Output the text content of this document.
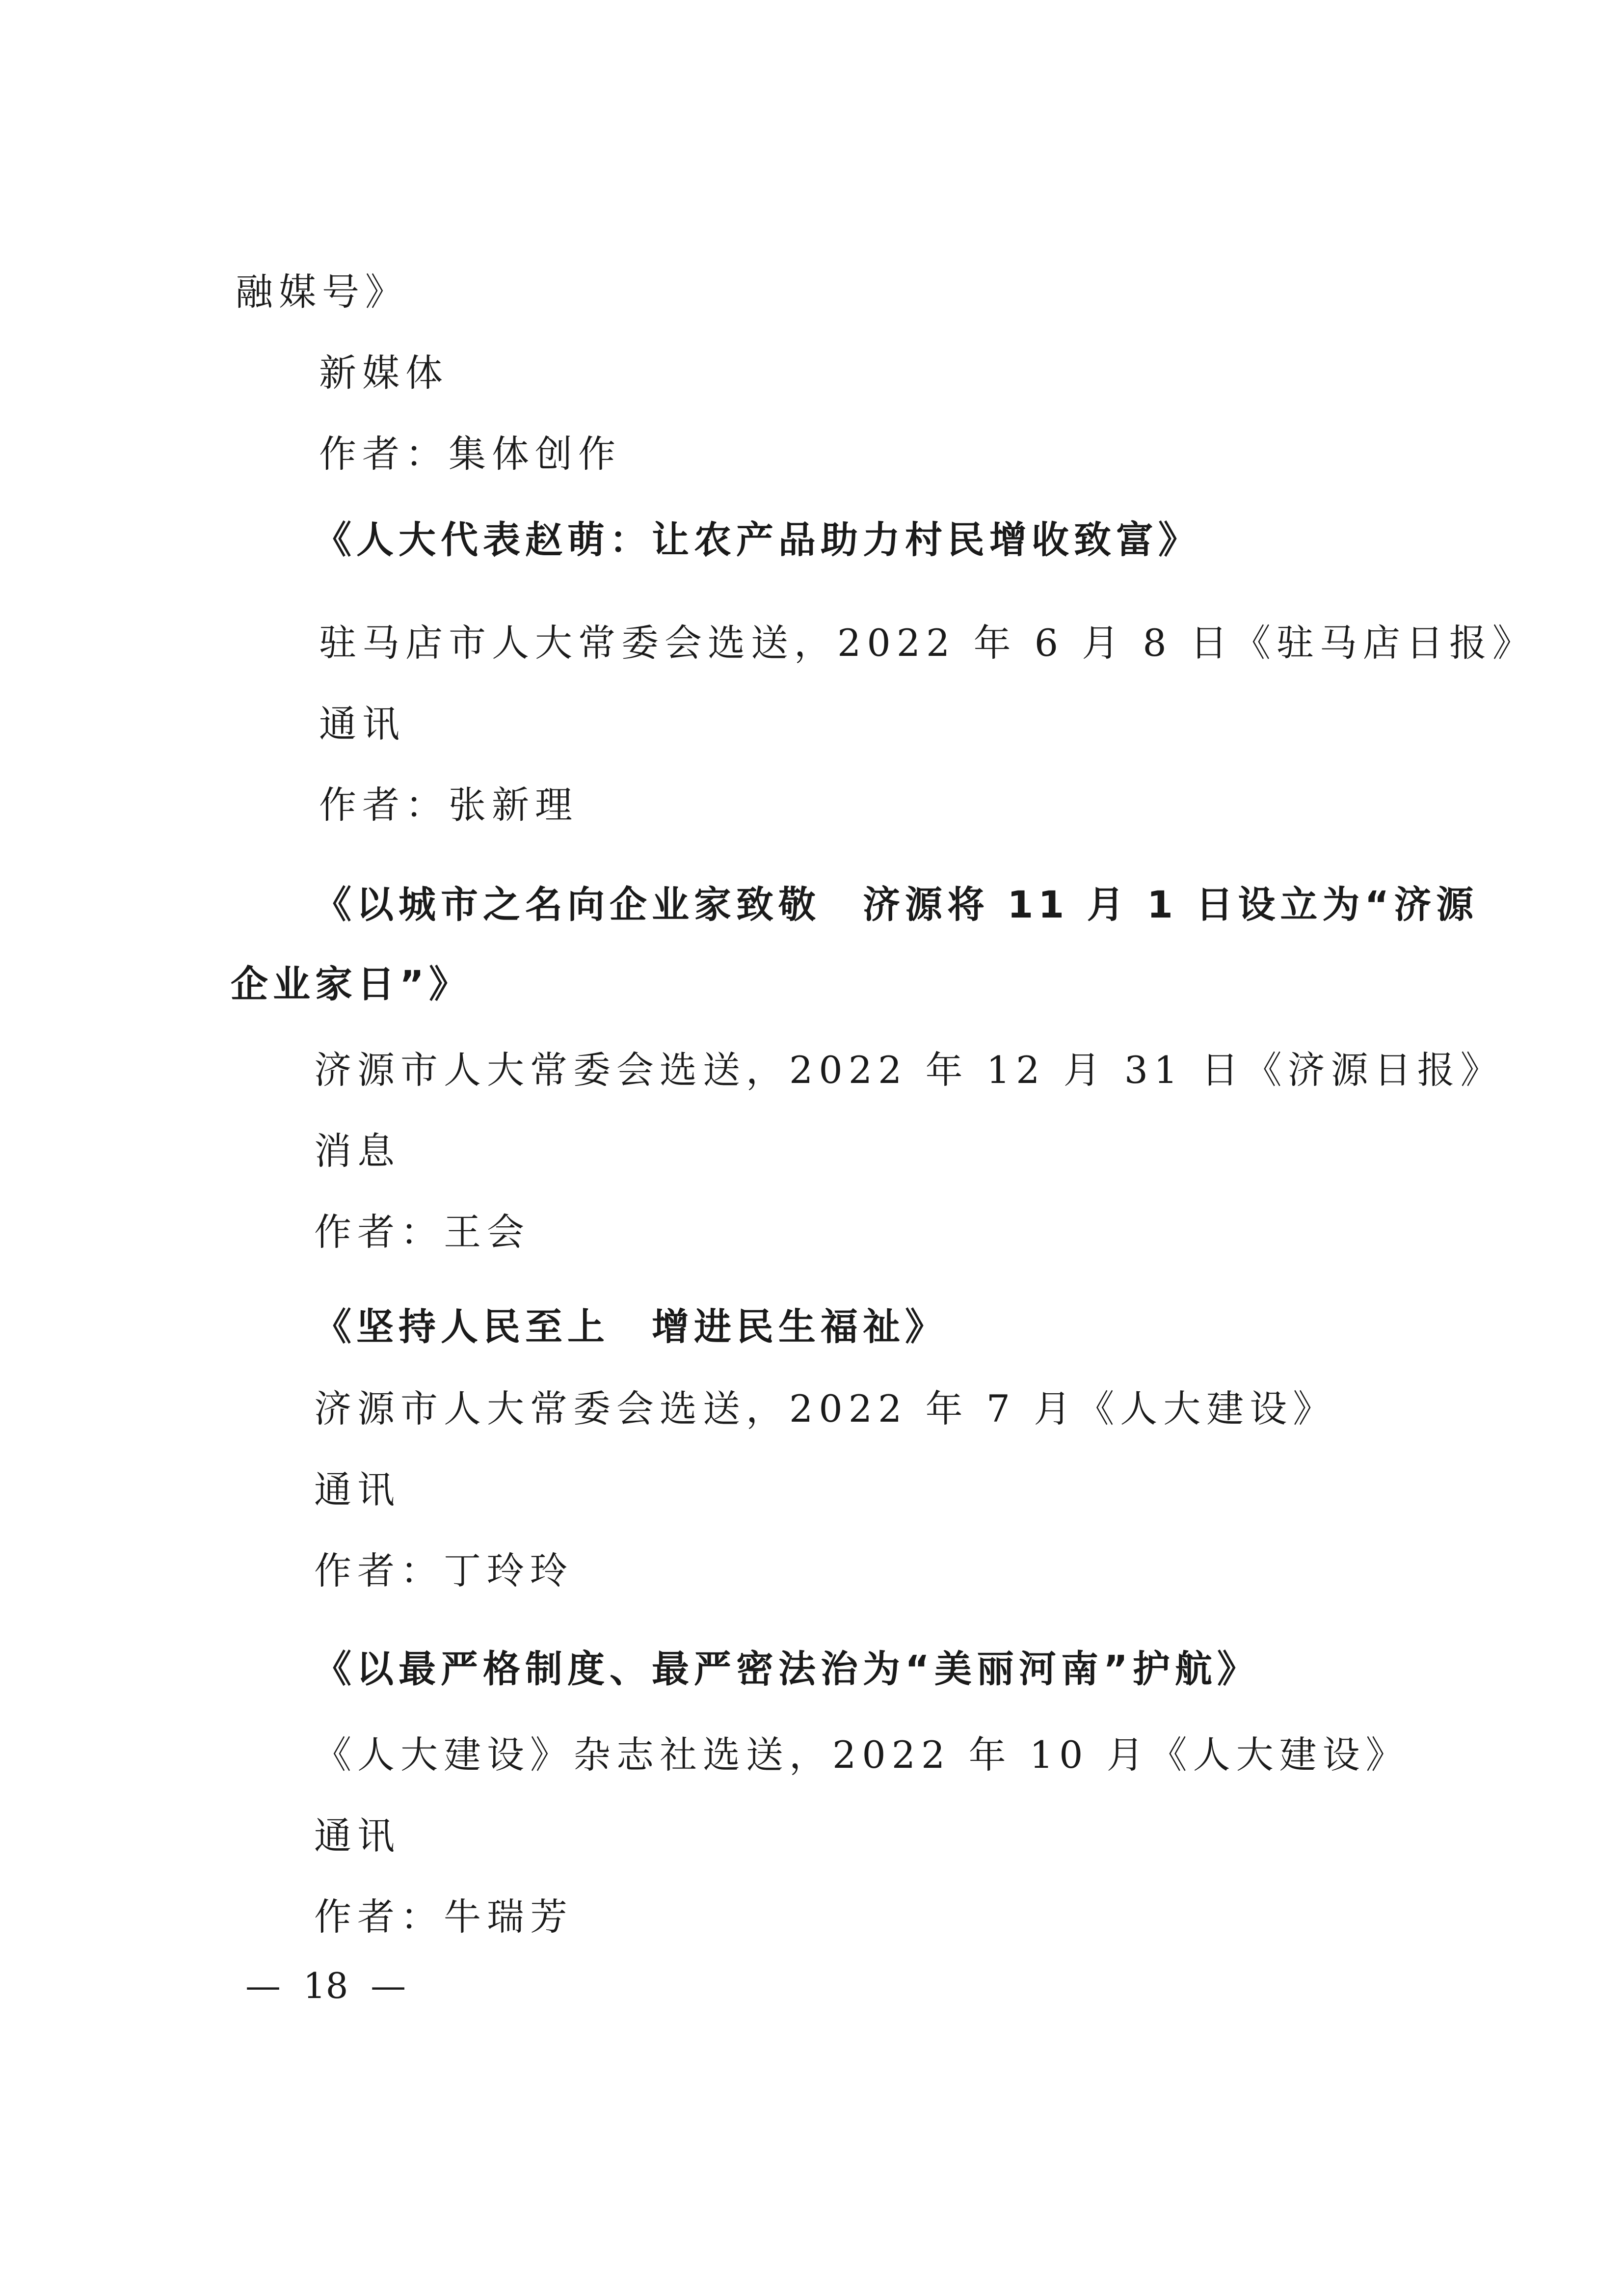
融媒号》
新媒体
作者：集体创作
《人大代表赵萌：让农产品助力村民增收致富》
驻马店市人大常委会选送，2022 年 6 月 8 日《驻马店日报》
通讯
作者：张新理
《以城市之名向企业家致敬　济源将 11 月 1 日设立为“济源
企业家日”》
济源市人大常委会选送，2022 年 12 月 31 日《济源日报》
消息
作者：王会
《坚持人民至上　增进民生福祉》
济源市人大常委会选送，2022 年 7 月《人大建设》
通讯
作者：丁玲玲
《以最严格制度、最严密法治为“美丽河南”护航》
《人大建设》杂志社选送，2022 年 10 月《人大建设》
通讯
作者：牛瑞芳
—  18  —
